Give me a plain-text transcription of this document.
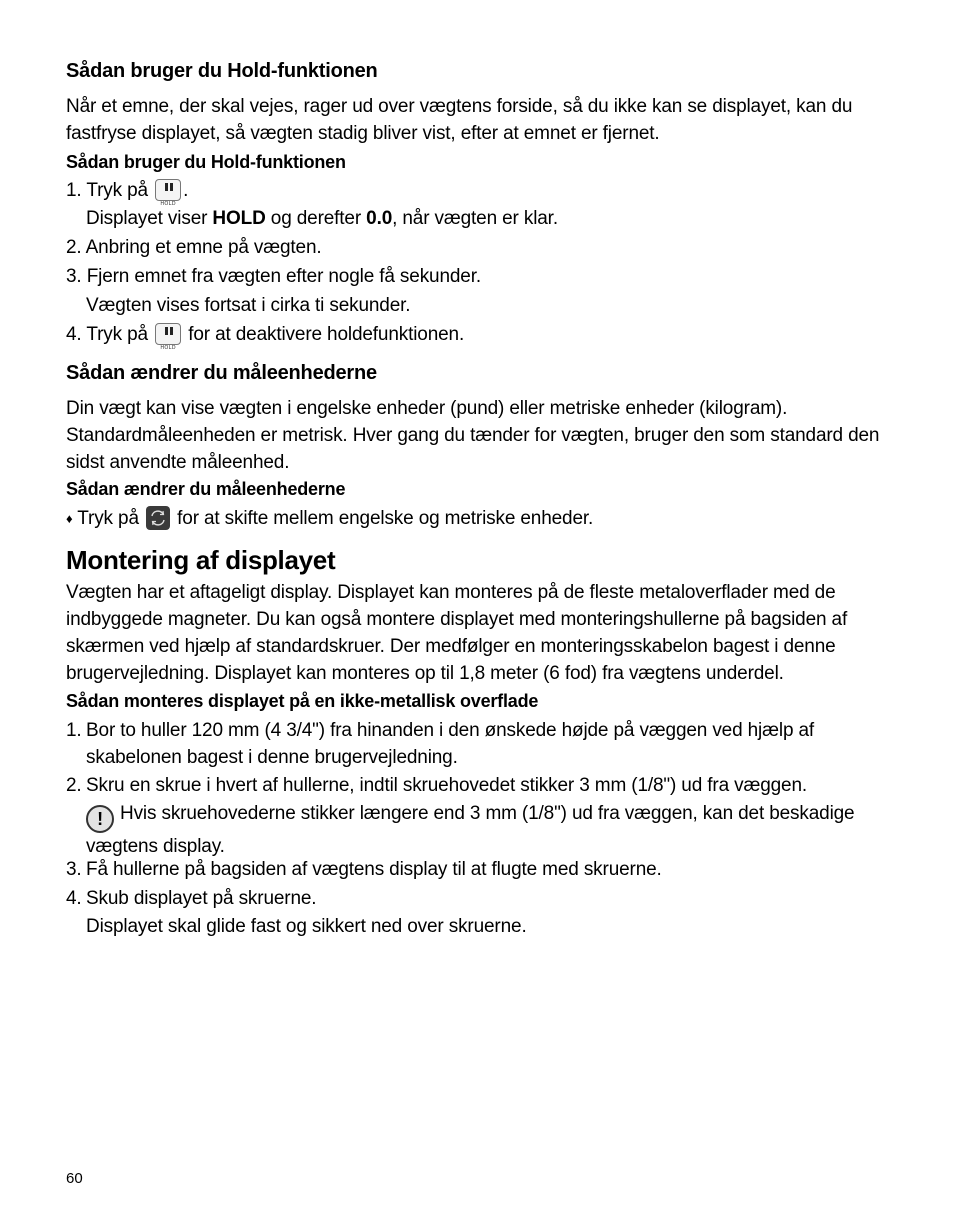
Sådan bruger du Hold-funktionen
Når et emne, der skal vejes, rager ud over vægtens forside, så du ikke kan se displayet, kan du fastfryse displayet, så vægten stadig bliver vist, efter at emnet er fjernet.
Sådan bruger du Hold-funktionen
1. Tryk på
HOLD
.
Displayet viser HOLD og derefter 0.0, når vægten er klar.
2. Anbring et emne på vægten.
3. Fjern emnet fra vægten efter nogle få sekunder.
Vægten vises fortsat i cirka ti sekunder.
4. Tryk på
HOLD
for at deaktivere holdefunktionen.
Sådan ændrer du måleenhederne
Din vægt kan vise vægten i engelske enheder (pund) eller metriske enheder (kilogram). Standardmåleenheden er metrisk. Hver gang du tænder for vægten, bruger den som standard den sidst anvendte måleenhed.
Sådan ændrer du måleenhederne
♦ Tryk på for at skifte mellem engelske og metriske enheder.
Montering af displayet
Vægten har et aftageligt display. Displayet kan monteres på de fleste metaloverflader med de indbyggede magneter. Du kan også montere displayet med monteringshullerne på bagsiden af skærmen ved hjælp af standardskruer. Der medfølger en monteringsskabelon bagest i denne brugervejledning. Displayet kan monteres op til 1,8 meter (6 fod) fra vægtens underdel.
Sådan monteres displayet på en ikke-metallisk overflade
1. Bor to huller 120 mm (4 3/4") fra hinanden i den ønskede højde på væggen ved hjælp af skabelonen bagest i denne brugervejledning.
2. Skru en skrue i hvert af hullerne, indtil skruehovedet stikker 3 mm (1/8") ud fra væggen.
! Hvis skruehovederne stikker længere end 3 mm (1/8") ud fra væggen, kan det beskadige vægtens display.
3. Få hullerne på bagsiden af vægtens display til at flugte med skruerne.
4. Skub displayet på skruerne.
Displayet skal glide fast og sikkert ned over skruerne.
60
